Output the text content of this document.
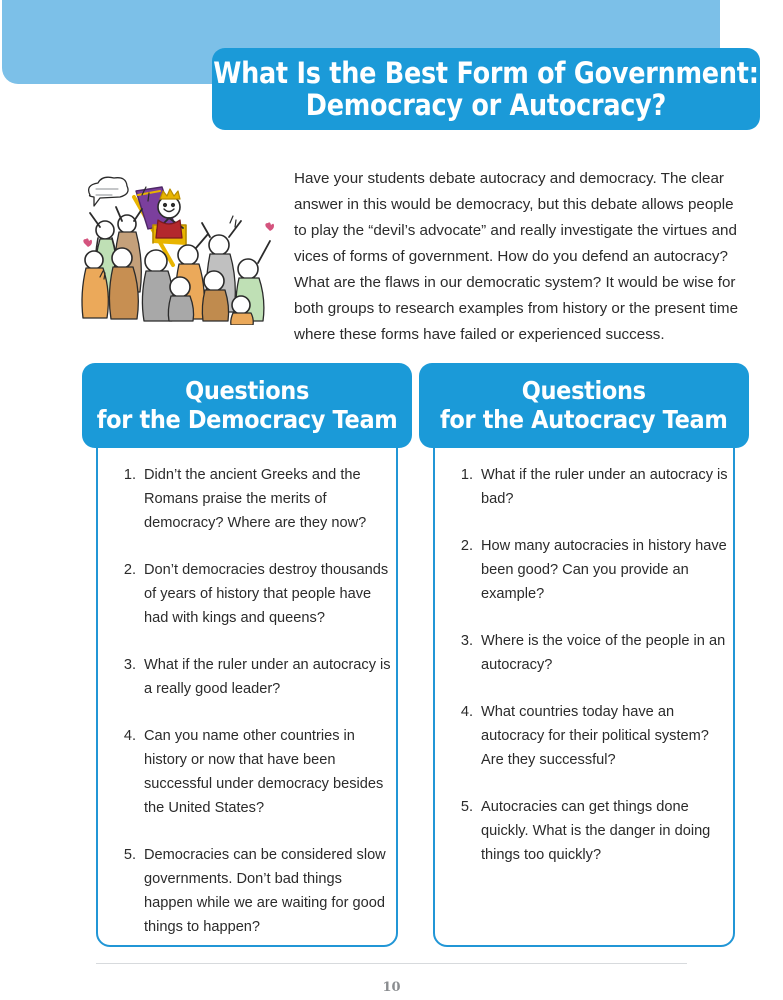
What Is the Best Form of Government:
Democracy or Autocracy?
Have your students debate autocracy and democracy. The clear answer in this would be democracy, but this debate allows people to play the “devil’s advocate” and really investigate the virtues and vices of forms of government. How do you defend an autocracy? What are the flaws in our democratic system? It would be wise for both groups to research examples from history or the present time where these forms have failed or experienced success.
Questions
for the Democracy Team
1. Didn’t the ancient Greeks and the Romans praise the merits of democracy? Where are they now?
2. Don’t democracies destroy thousands of years of history that people have had with kings and queens?
3. What if the ruler under an autocracy is a really good leader?
4. Can you name other countries in history or now that have been successful under democracy besides the United States?
5. Democracies can be considered slow governments. Don’t bad things happen while we are waiting for good things to happen?
Questions
for the Autocracy Team
1. What if the ruler under an autocracy is bad?
2. How many autocracies in history have been good? Can you provide an example?
3. Where is the voice of the people in an autocracy?
4. What countries today have an autocracy for their political system? Are they successful?
5. Autocracies can get things done quickly. What is the danger in doing things too quickly?
10
